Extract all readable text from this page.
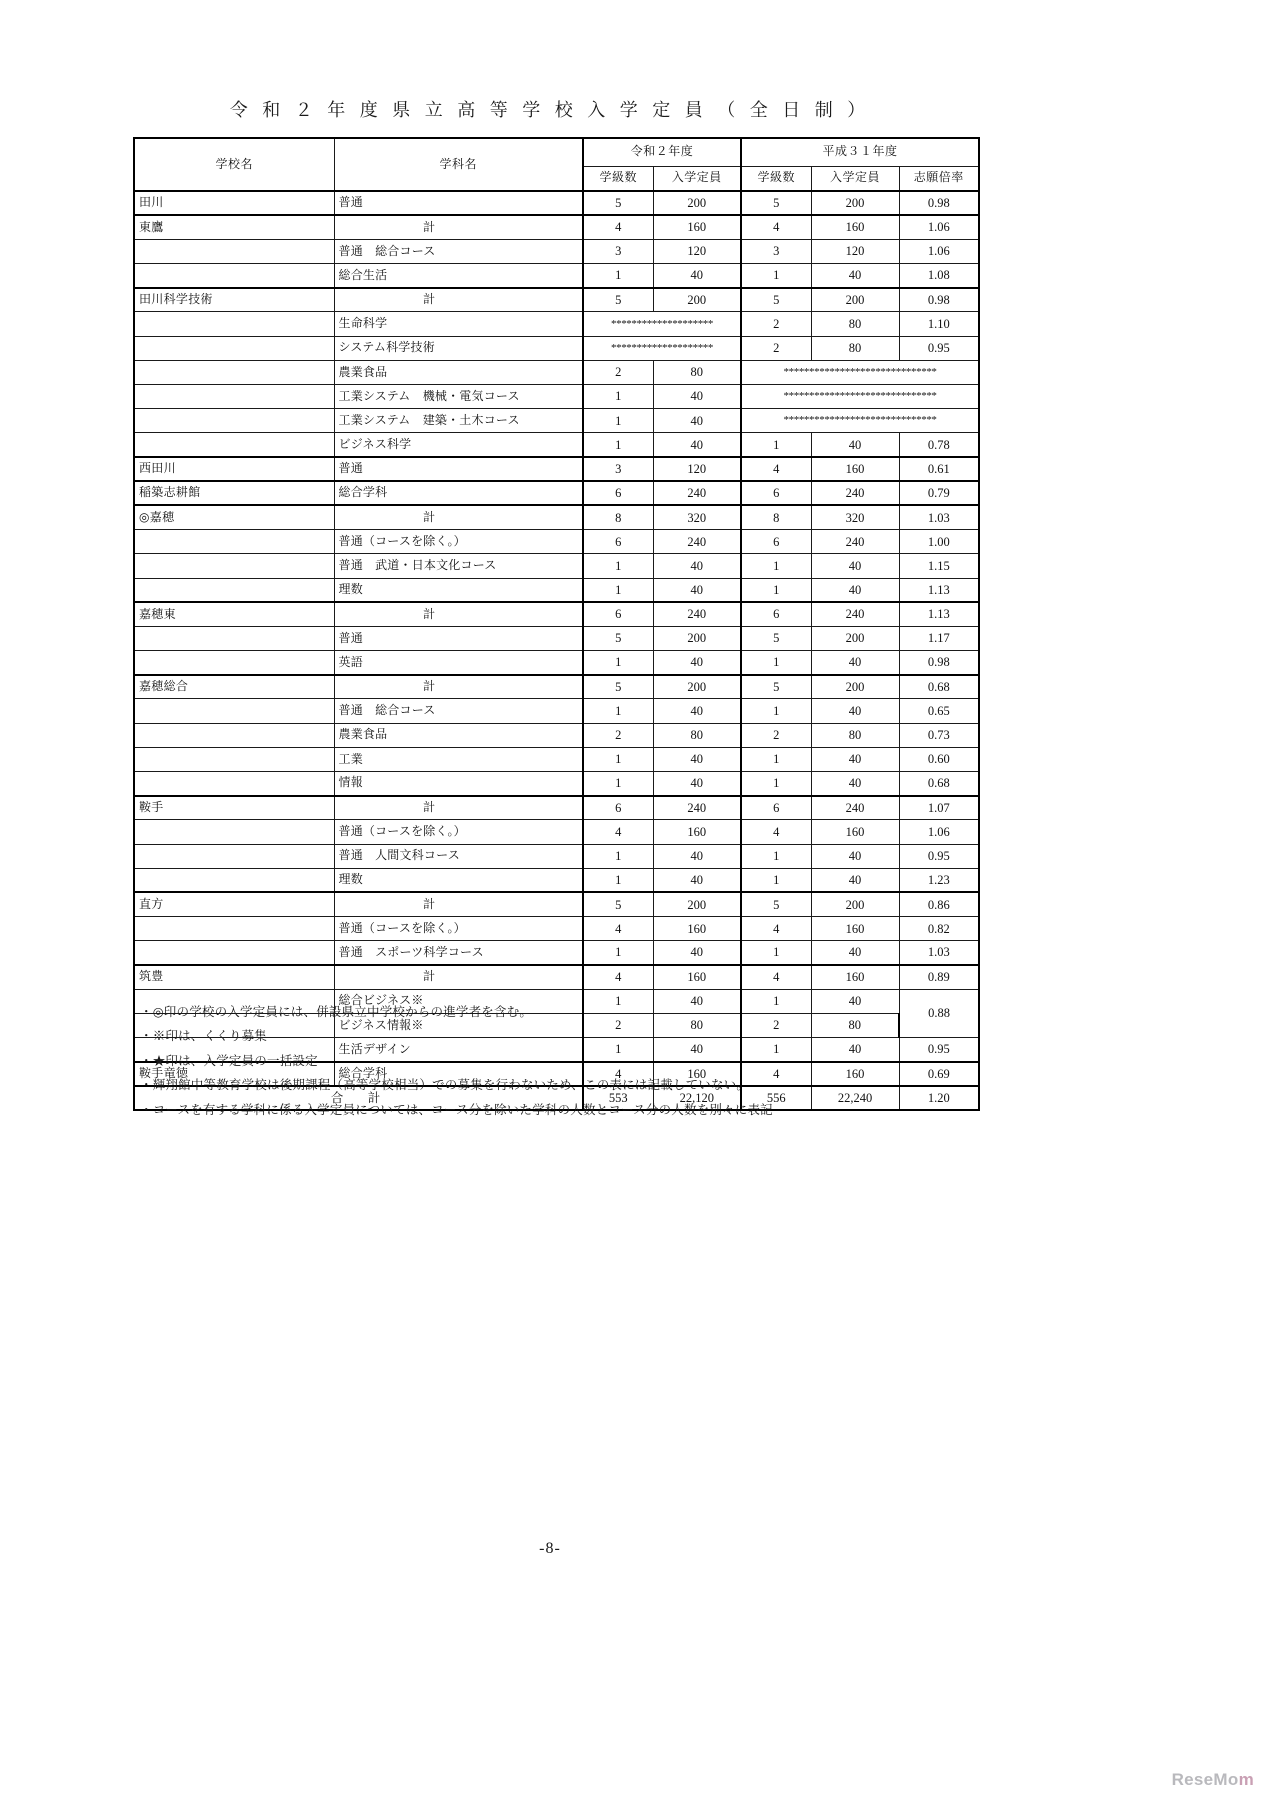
令 和 ２ 年 度 県 立 高 等 学 校 入 学 定 員 （ 全 日 制 ）
学校名	学科名	令和２年度		平成３１年度		
		学級数	入学定員	学級数	入学定員	志願倍率
田川	普通	5	200	5	200	0.98
東鷹	計	4	160	4	160	1.06
	普通　総合コース	3	120	3	120	1.06
	総合生活	1	40	1	40	1.08
田川科学技術	計	5	200	5	200	0.98
	生命科学	********************		2	80	1.10
	システム科学技術	********************		2	80	0.95
	農業食品	2	80	******************************		
	工業システム　機械・電気コース	1	40	******************************		
	工業システム　建築・土木コース	1	40	******************************		
	ビジネス科学	1	40	1	40	0.78
西田川	普通	3	120	4	160	0.61
稲築志耕館	総合学科	6	240	6	240	0.79
◎嘉穂	計	8	320	8	320	1.03
	普通（コースを除く。）	6	240	6	240	1.00
	普通　武道・日本文化コース	1	40	1	40	1.15
	理数	1	40	1	40	1.13
嘉穂東	計	6	240	6	240	1.13
	普通	5	200	5	200	1.17
	英語	1	40	1	40	0.98
嘉穂総合	計	5	200	5	200	0.68
	普通　総合コース	1	40	1	40	0.65
	農業食品	2	80	2	80	0.73
	工業	1	40	1	40	0.60
	情報	1	40	1	40	0.68
鞍手	計	6	240	6	240	1.07
	普通（コースを除く。）	4	160	4	160	1.06
	普通　人間文科コース	1	40	1	40	0.95
	理数	1	40	1	40	1.23
直方	計	5	200	5	200	0.86
	普通（コースを除く。）	4	160	4	160	0.82
	普通　スポーツ科学コース	1	40	1	40	1.03
筑豊	計	4	160	4	160	0.89
	総合ビジネス※	1	40	1	40	0.88
	ビジネス情報※	2	80	2	80	
	生活デザイン	1	40	1	40	0.95
鞍手竜徳	総合学科	4	160	4	160	0.69
合　計		553	22,120	556	22,240	1.20
・◎印の学校の入学定員には、併設県立中学校からの進学者を含む。
・※印は、くくり募集
・★印は、入学定員の一括設定
・輝翔館中等教育学校は後期課程（高等学校相当）での募集を行わないため、この表には記載していない。
・コースを有する学科に係る入学定員については、コース分を除いた学科の人数とコース分の人数を別々に表記
-8-
ReseMom
